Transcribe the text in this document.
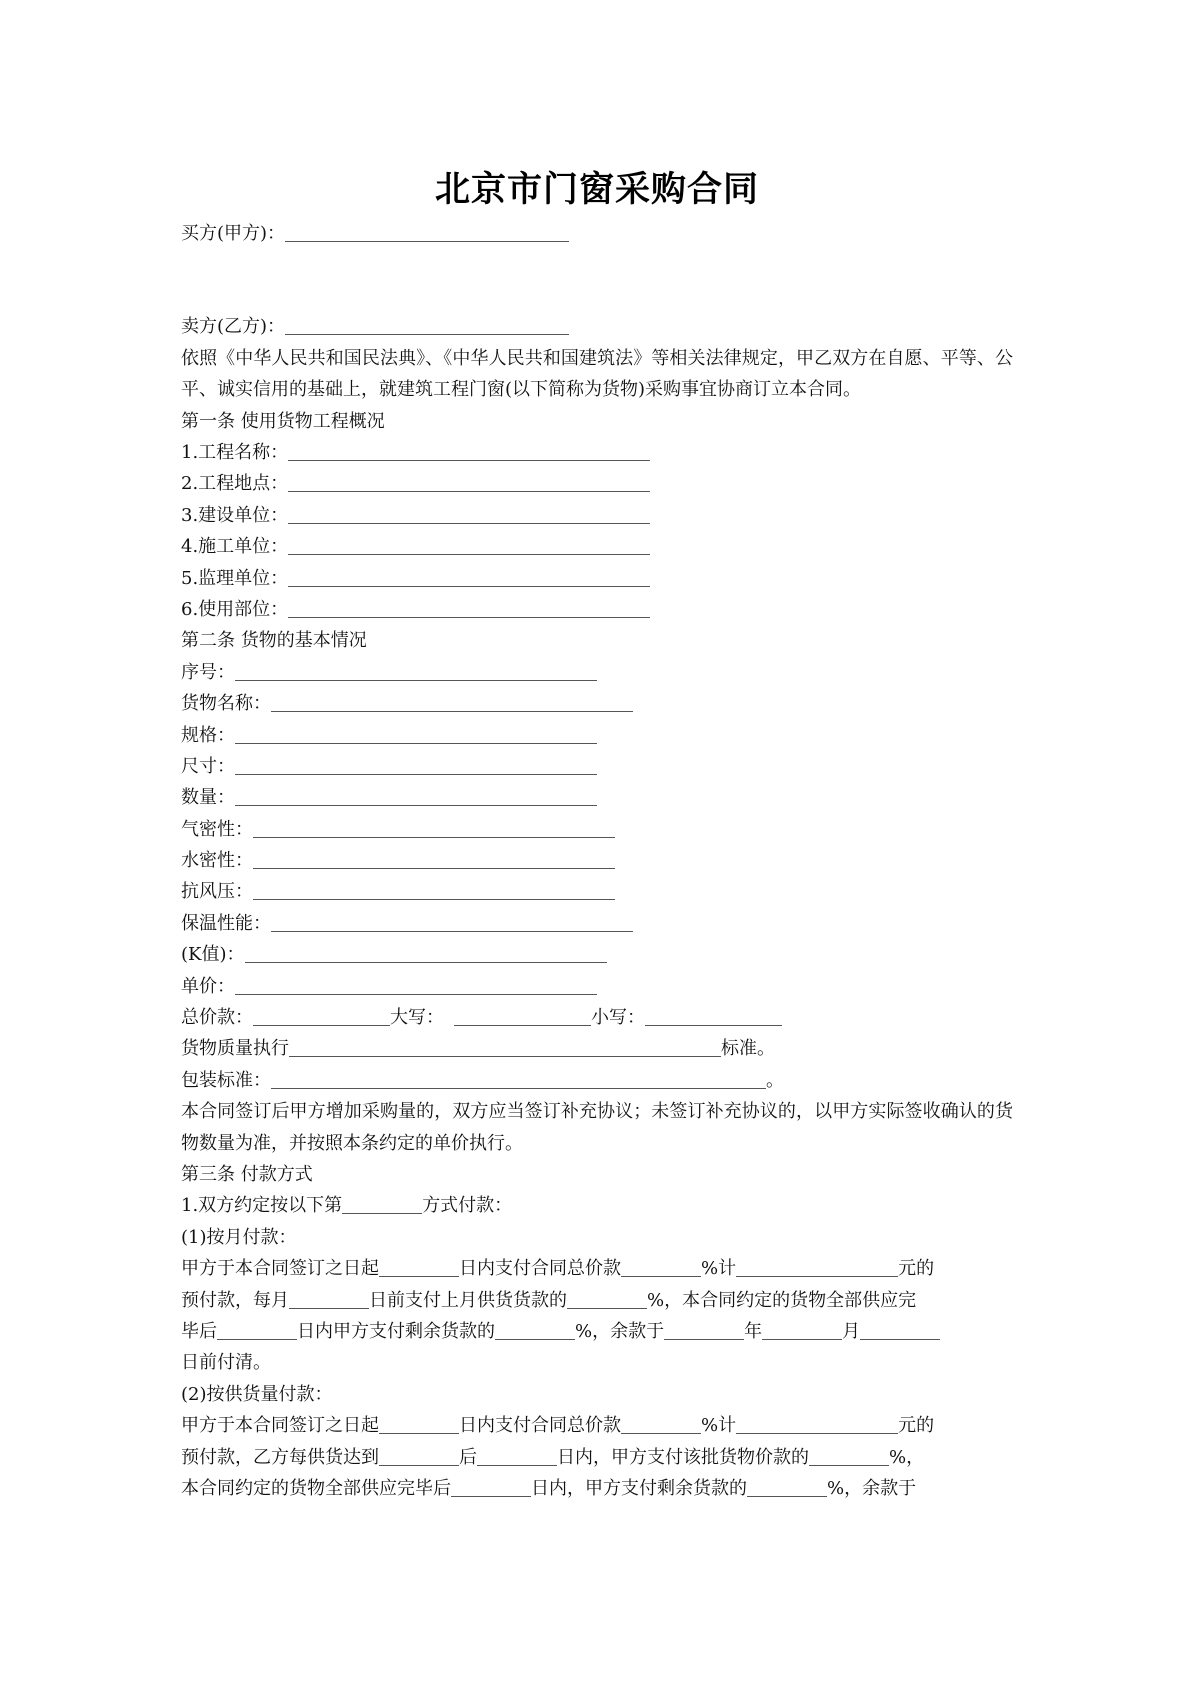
北京市门窗采购合同
买方(甲方)：
卖方(乙方)：
依照《中华人民共和国民法典》、《中华人民共和国建筑法》等相关法律规定，甲乙双方在自愿、平等、公平、诚实信用的基础上，就建筑工程门窗(以下简称为货物)采购事宜协商订立本合同。
第一条 使用货物工程概况
1.工程名称：
2.工程地点：
3.建设单位：
4.施工单位：
5.监理单位：
6.使用部位：
第二条 货物的基本情况
序号：
货物名称：
规格：
尺寸：
数量：
气密性：
水密性：
抗风压：
保温性能：
(K值)：
单价：
总价款：	大写：	小写：
货物质量执行	标准。
包装标准：	。
本合同签订后甲方增加采购量的，双方应当签订补充协议；未签订补充协议的，以甲方实际签收确认的货物数量为准，并按照本条约定的单价执行。
第三条 付款方式
1.双方约定按以下第	方式付款：
(1)按月付款：
甲方于本合同签订之日起	日内支付合同总价款	%计	元的
预付款，每月	日前支付上月供货货款的	%，本合同约定的货物全部供应完
毕后	日内甲方支付剩余货款的	%，余款于	年	月
日前付清。
(2)按供货量付款：
甲方于本合同签订之日起	日内支付合同总价款	%计	元的
预付款，乙方每供货达到	后	日内，甲方支付该批货物价款的	%，
本合同约定的货物全部供应完毕后	日内，甲方支付剩余货款的	%，余款于
